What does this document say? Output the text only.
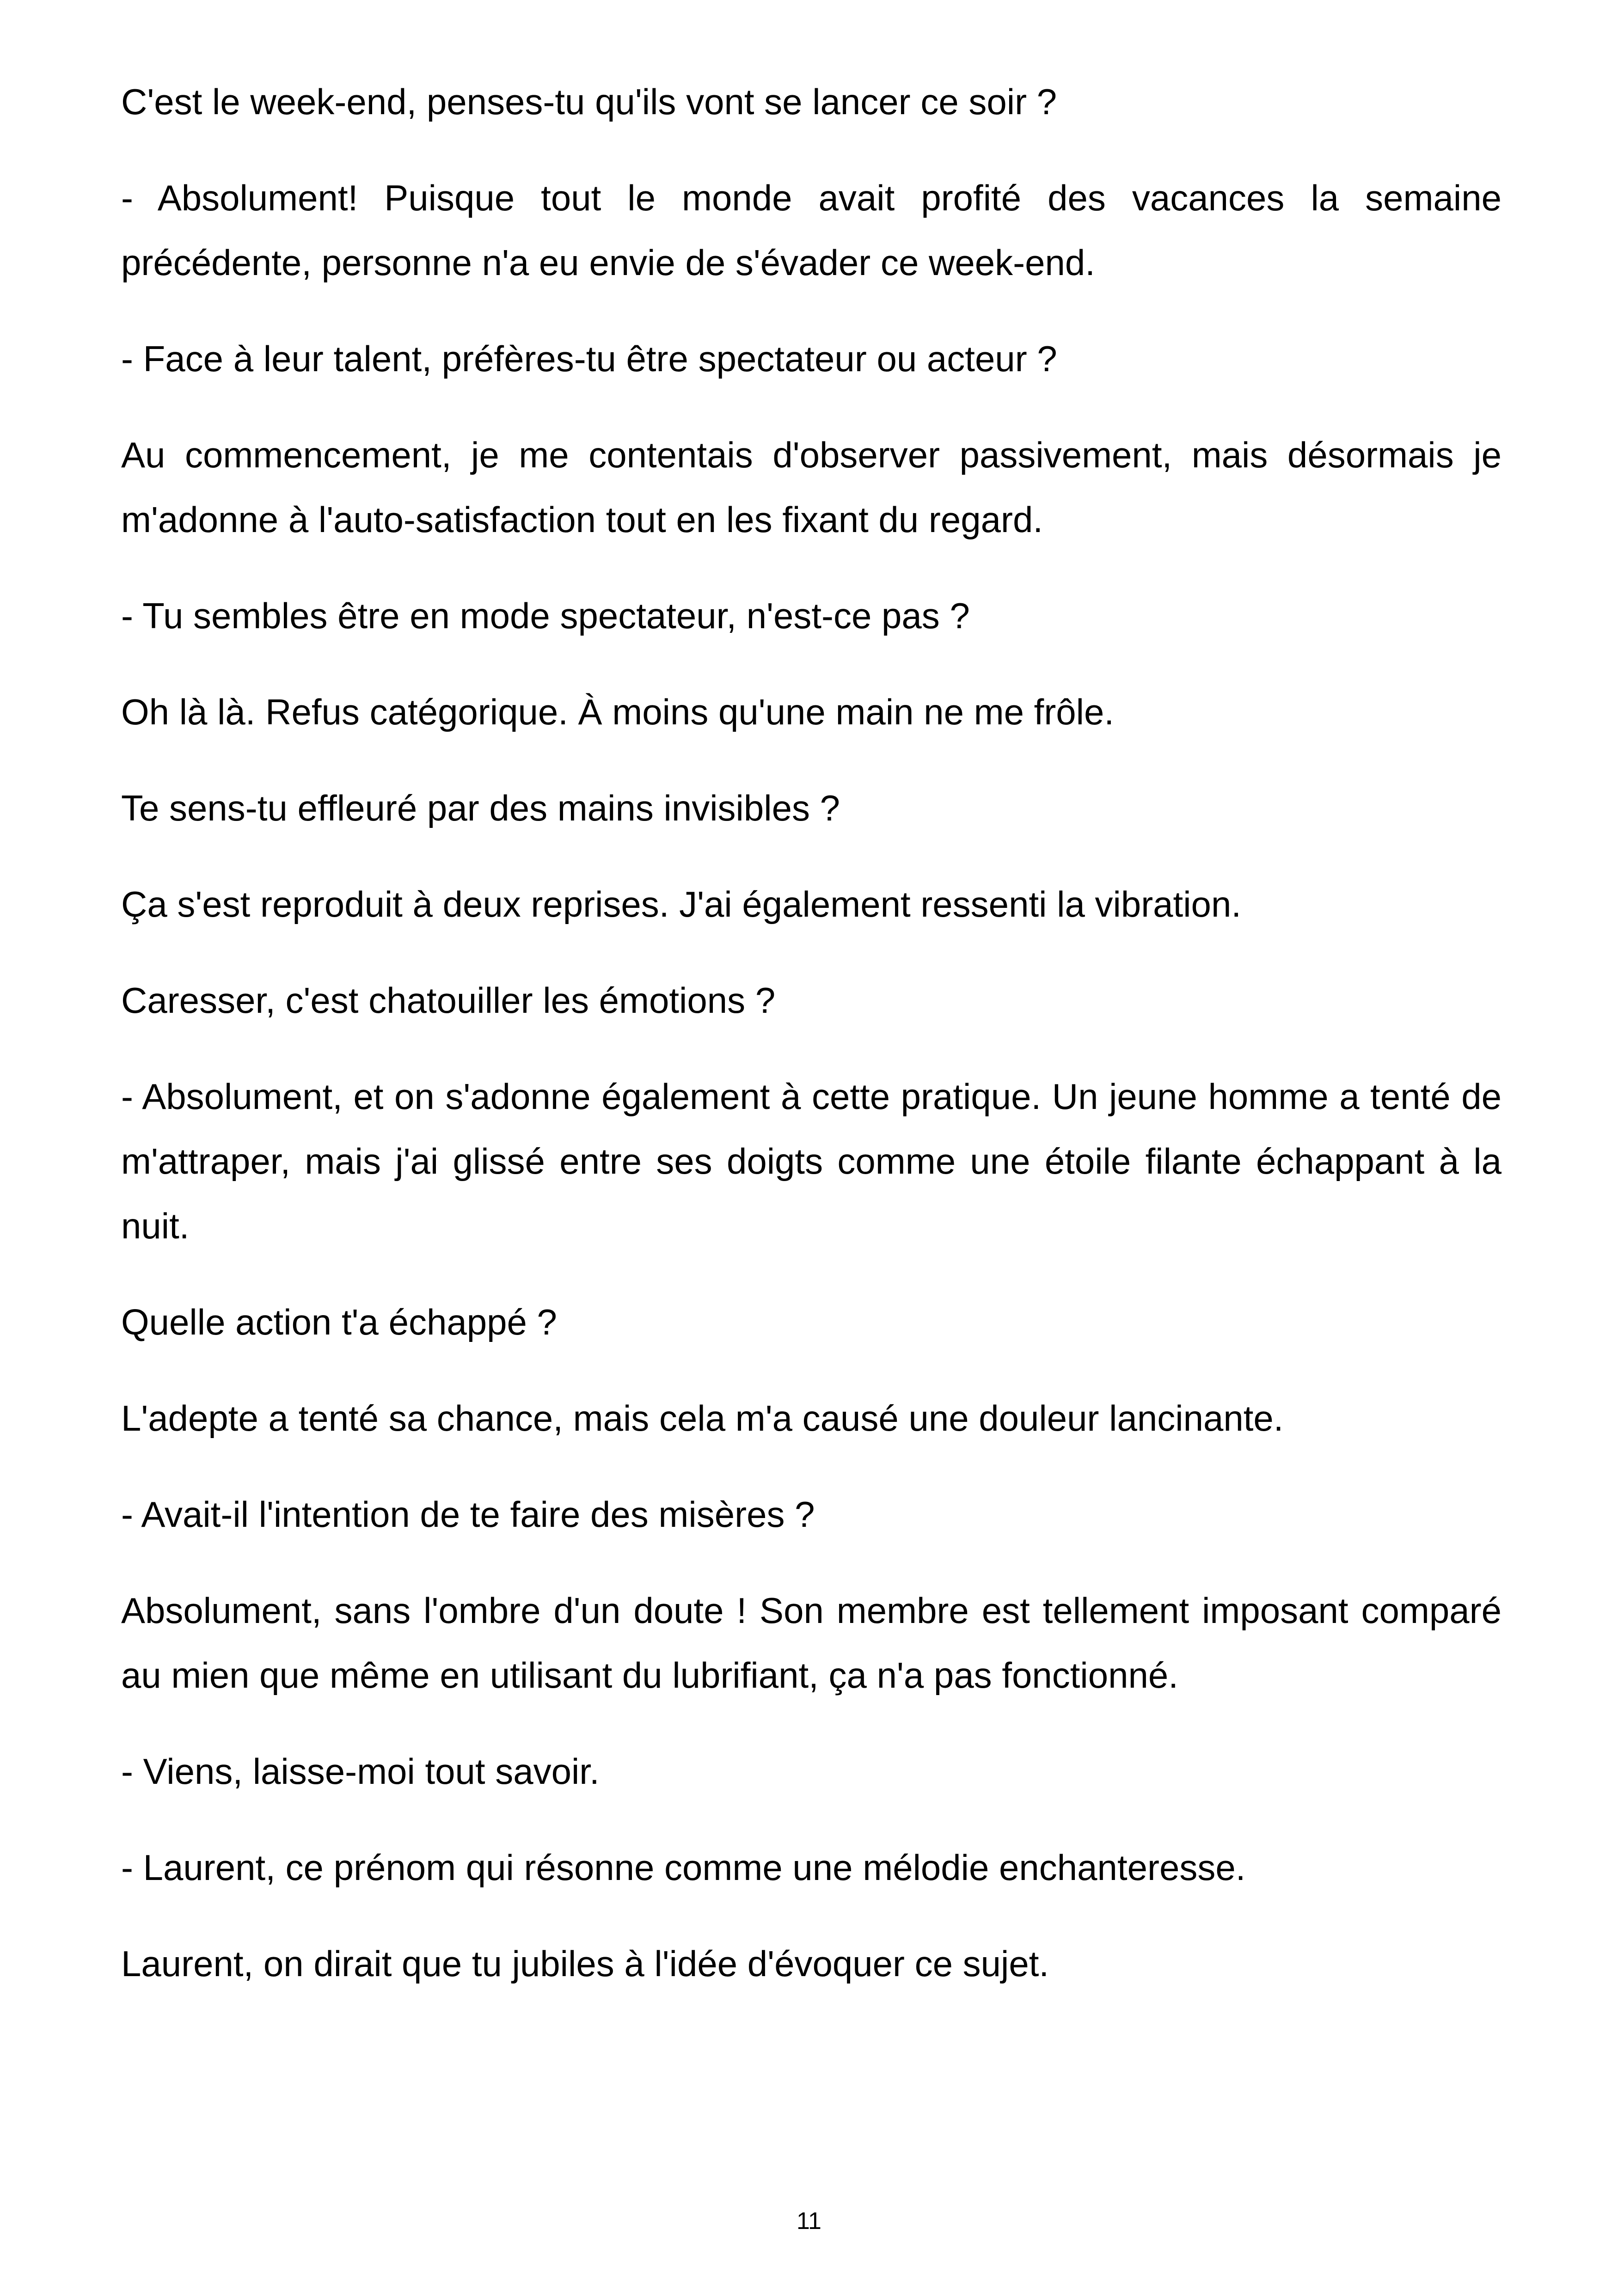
C'est le week-end, penses-tu qu'ils vont se lancer ce soir ?

- Absolument! Puisque tout le monde avait profité des vacances la semaine précédente, personne n'a eu envie de s'évader ce week-end.

- Face à leur talent, préfères-tu être spectateur ou acteur ?

Au commencement, je me contentais d'observer passivement, mais désormais je m'adonne à l'auto-satisfaction tout en les fixant du regard.

- Tu sembles être en mode spectateur, n'est-ce pas ?

Oh là là. Refus catégorique. À moins qu'une main ne me frôle.

Te sens-tu effleuré par des mains invisibles ?

Ça s'est reproduit à deux reprises. J'ai également ressenti la vibration.

Caresser, c'est chatouiller les émotions ?

- Absolument, et on s'adonne également à cette pratique. Un jeune homme a tenté de m'attraper, mais j'ai glissé entre ses doigts comme une étoile filante échappant à la nuit.

Quelle action t'a échappé ?

L'adepte a tenté sa chance, mais cela m'a causé une douleur lancinante.

- Avait-il l'intention de te faire des misères ?

Absolument, sans l'ombre d'un doute ! Son membre est tellement imposant comparé au mien que même en utilisant du lubrifiant, ça n'a pas fonctionné.

- Viens, laisse-moi tout savoir.

- Laurent, ce prénom qui résonne comme une mélodie enchanteresse.

Laurent, on dirait que tu jubiles à l'idée d'évoquer ce sujet.

11
